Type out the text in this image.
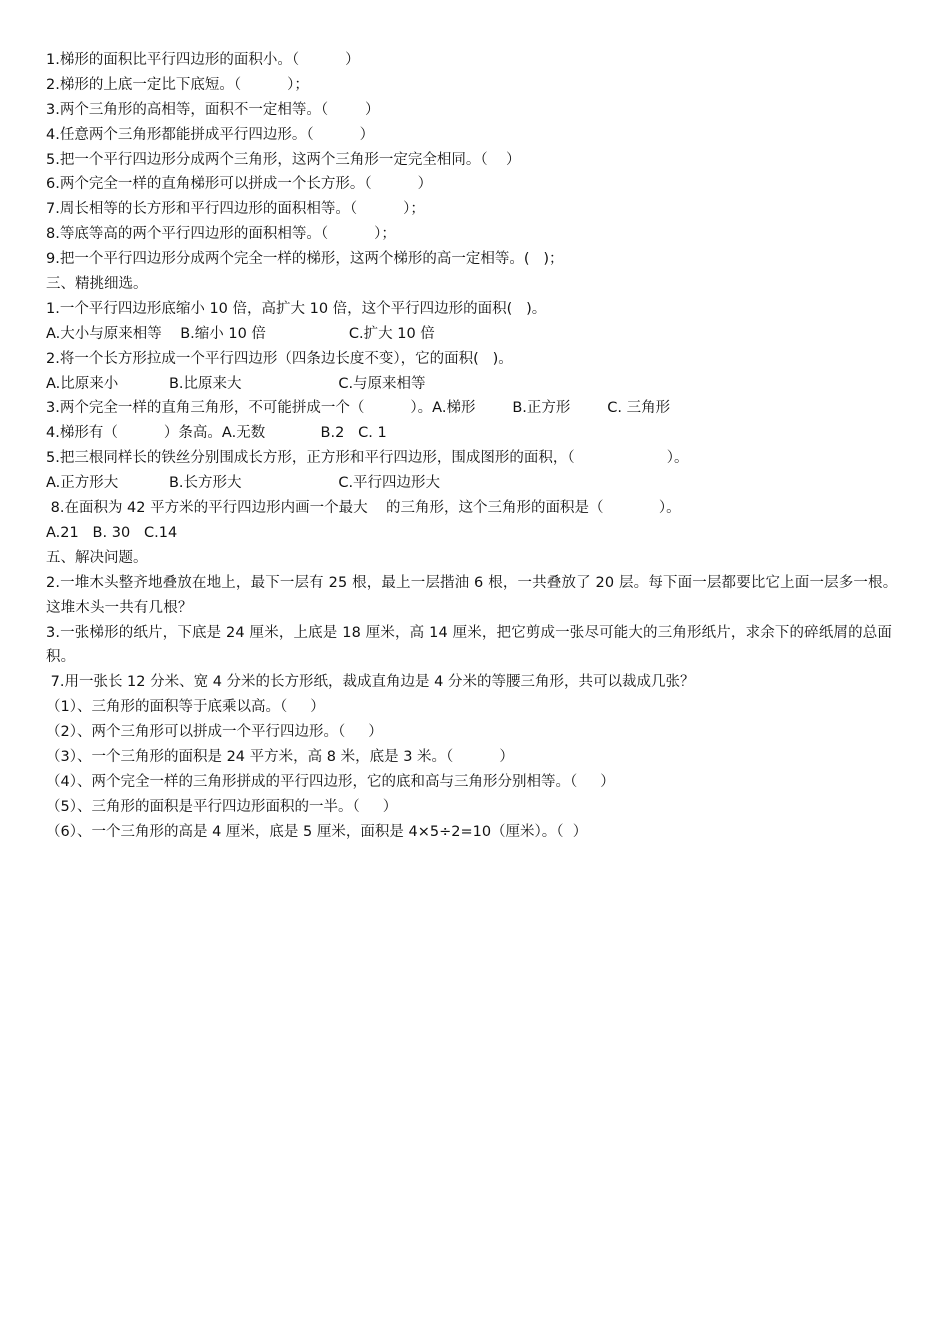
1.梯形的面积比平行四边形的面积小。（          ）
2.梯形的上底一定比下底短。（          ）；
3.两个三角形的高相等，面积不一定相等。（        ）
4.任意两个三角形都能拼成平行四边形。（          ）
5.把一个平行四边形分成两个三角形，这两个三角形一定完全相同。（    ）
6.两个完全一样的直角梯形可以拼成一个长方形。（          ）
7.周长相等的长方形和平行四边形的面积相等。（          ）；
8.等底等高的两个平行四边形的面积相等。（          ）；
9.把一个平行四边形分成两个完全一样的梯形，这两个梯形的高一定相等。(   )；
三、精挑细选。
1.一个平行四边形底缩小 10 倍，高扩大 10 倍，这个平行四边形的面积(   )。
A.大小与原来相等    B.缩小 10 倍                  C.扩大 10 倍
2.将一个长方形拉成一个平行四边形（四条边长度不变），它的面积(   )。
A.比原来小           B.比原来大                     C.与原来相等
3.两个完全一样的直角三角形，不可能拼成一个（          ）。A.梯形        B.正方形        C. 三角形
4.梯形有（          ）条高。A.无数            B.2   C. 1
5.把三根同样长的铁丝分别围成长方形，正方形和平行四边形，围成图形的面积，（                    ）。
A.正方形大           B.长方形大                     C.平行四边形大
8.在面积为 42 平方米的平行四边形内画一个最大    的三角形，这个三角形的面积是（            ）。
A.21   B. 30   C.14
五、解决问题。
2.一堆木头整齐地叠放在地上，最下一层有 25 根，最上一层揩油 6 根，一共叠放了 20 层。每下面一层都要比它上面一层多一根。这堆木头一共有几根？
3.一张梯形的纸片，下底是 24 厘米，上底是 18 厘米，高 14 厘米，把它剪成一张尽可能大的三角形纸片，求余下的碎纸屑的总面积。
7.用一张长 12 分米、宽 4 分米的长方形纸，裁成直角边是 4 分米的等腰三角形，共可以裁成几张？
（1）、三角形的面积等于底乘以高。（     ）
（2）、两个三角形可以拼成一个平行四边形。（     ）
（3）、一个三角形的面积是 24 平方米，高 8 米，底是 3 米。（          ）
（4）、两个完全一样的三角形拼成的平行四边形，它的底和高与三角形分别相等。（     ）
（5）、三角形的面积是平行四边形面积的一半。（     ）
（6）、一个三角形的高是 4 厘米，底是 5 厘米，面积是 4×5÷2=10（厘米）。（  ）
